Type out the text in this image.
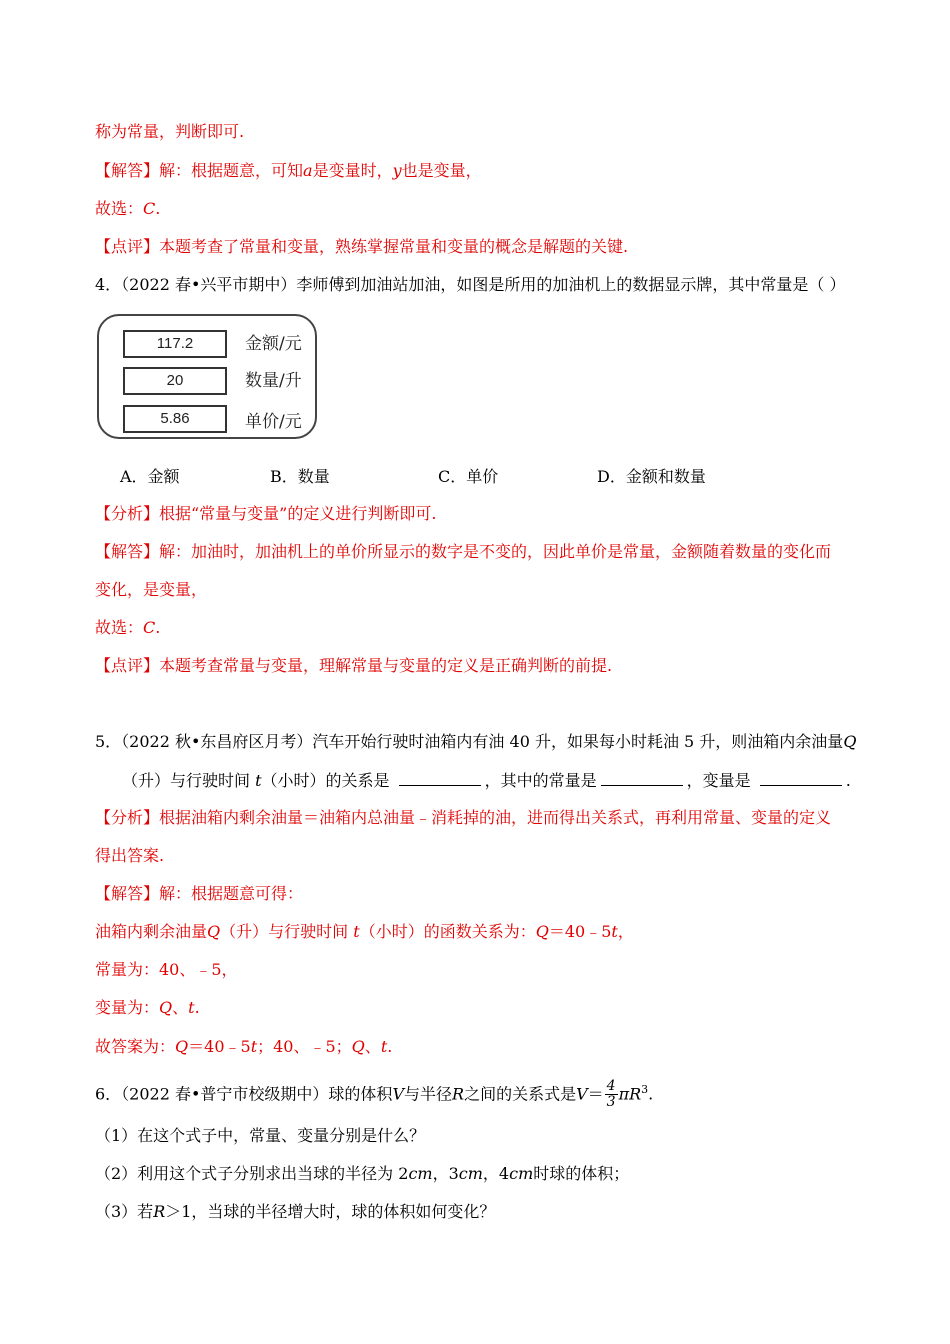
称为常量，判断即可.
【解答】解：根据题意，可知a是变量时，y也是变量，
故选：C.
【点评】本题考查了常量和变量，熟练掌握常量和变量的概念是解题的关键.
4．（2022 春•兴平市期中）李师傅到加油站加油，如图是所用的加油机上的数据显示牌，其中常量是（ ）
117.2	金额/元
20	数量/升
5.86	单价/元
A．金额	B．数量	C．单价	D．金额和数量
【分析】根据“常量与变量”的定义进行判断即可.
【解答】解：加油时，加油机上的单价所显示的数字是不变的，因此单价是常量，金额随着数量的变化而
变化，是变量，
故选：C.
【点评】本题考查常量与变量，理解常量与变量的定义是正确判断的前提.
5．（2022 秋•东昌府区月考）汽车开始行驶时油箱内有油 40 升，如果每小时耗油 5 升，则油箱内余油量Q
（升）与行驶时间 t（小时）的关系是	，其中的常量是	，变量是	.
【分析】根据油箱内剩余油量＝油箱内总油量﹣消耗掉的油，进而得出关系式，再利用常量、变量的定义
得出答案.
【解答】解：根据题意可得：
油箱内剩余油量Q（升）与行驶时间 t（小时）的函数关系为：Q＝40﹣5t，
常量为：40、﹣5，
变量为：Q、t.
故答案为：Q＝40﹣5t；40、﹣5；Q、t.
6．（2022 春•普宁市校级期中）球的体积V与半径R之间的关系式是$V= \frac{4}{3} \pi R^3$.
（1）在这个式子中，常量、变量分别是什么？
（2）利用这个式子分别求出当球的半径为 2cm，3cm，4cm时球的体积；
（3）若R＞1，当球的半径增大时，球的体积如何变化？
